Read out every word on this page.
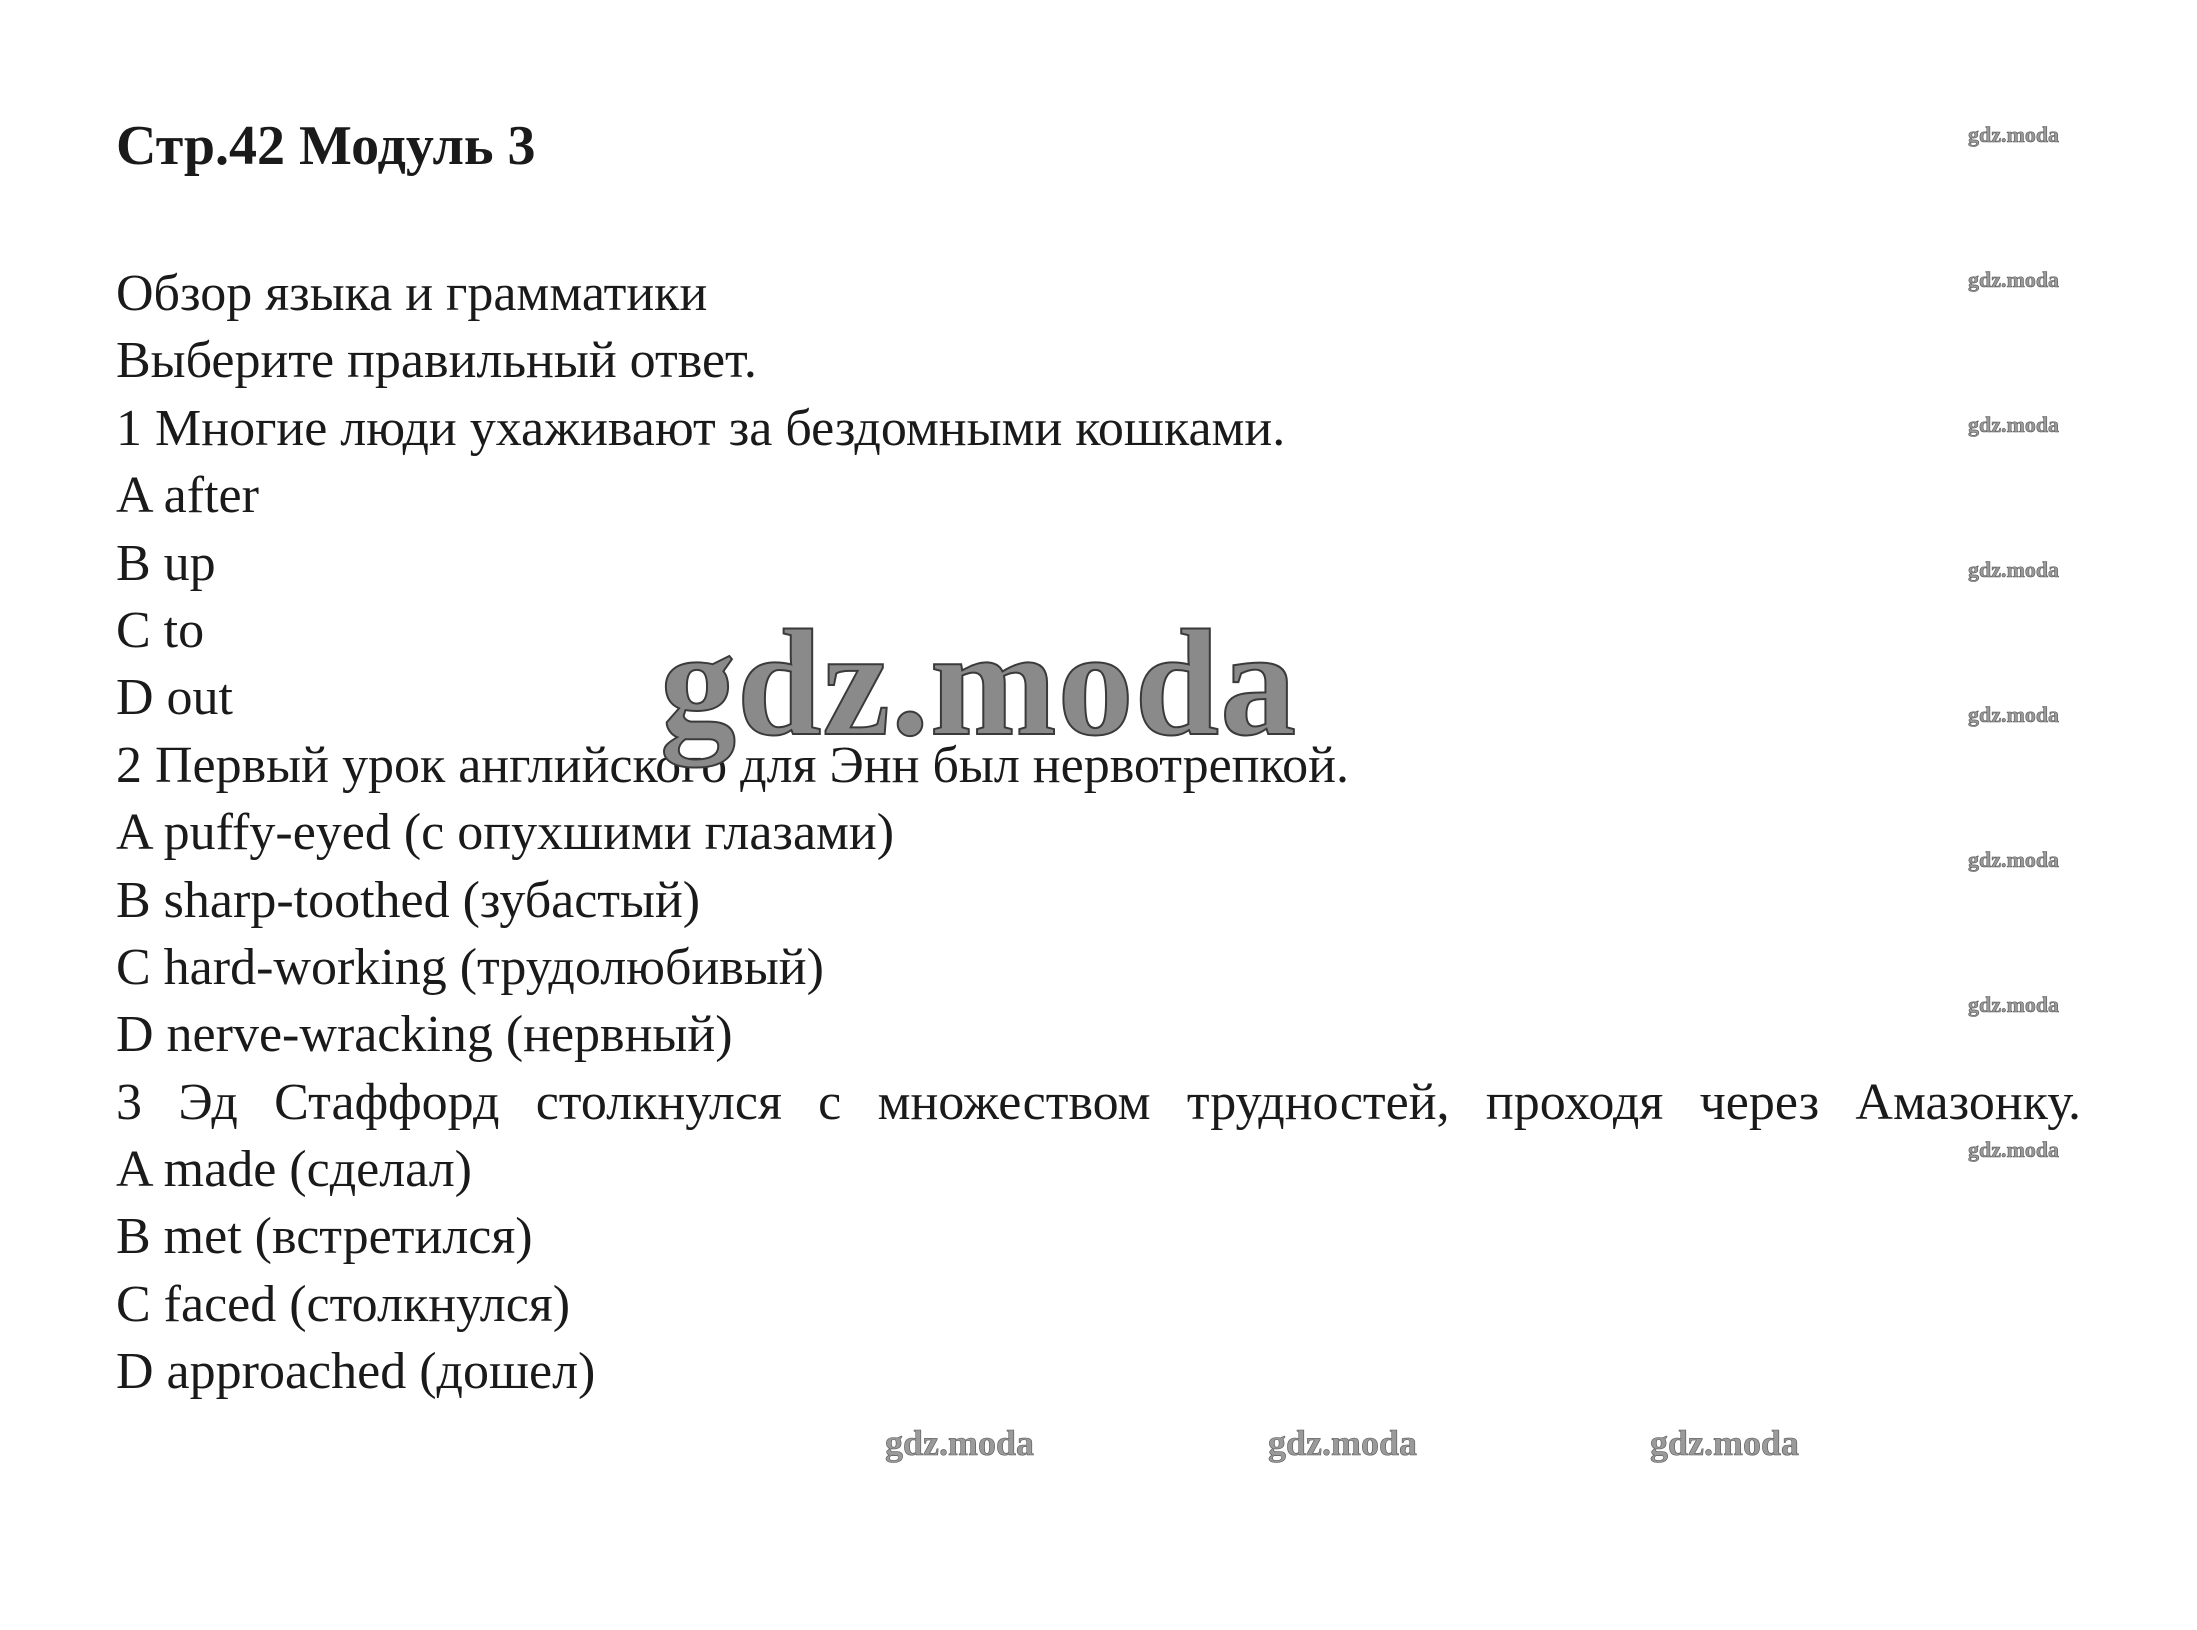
Стр.42 Модуль 3
Обзор языка и грамматики
Выберите правильный ответ.
1 Многие люди ухаживают за бездомными кошками.
A after
B up
C to
D out
2 Первый урок английского для Энн был нервотрепкой.
A puffy-eyed (с опухшими глазами)
B sharp-toothed (зубастый)
C hard-working (трудолюбивый)
D nerve-wracking (нервный)
3 Эд Стаффорд столкнулся с множеством трудностей, проходя через Амазонку.
A made (сделал)
B met (встретился)
C faced (столкнулся)
D approached (дошел)
gdz.moda
gdz.moda
gdz.moda
gdz.moda
gdz.moda
gdz.moda
gdz.moda
gdz.moda
gdz.moda
gdz.moda	gdz.moda	gdz.moda
